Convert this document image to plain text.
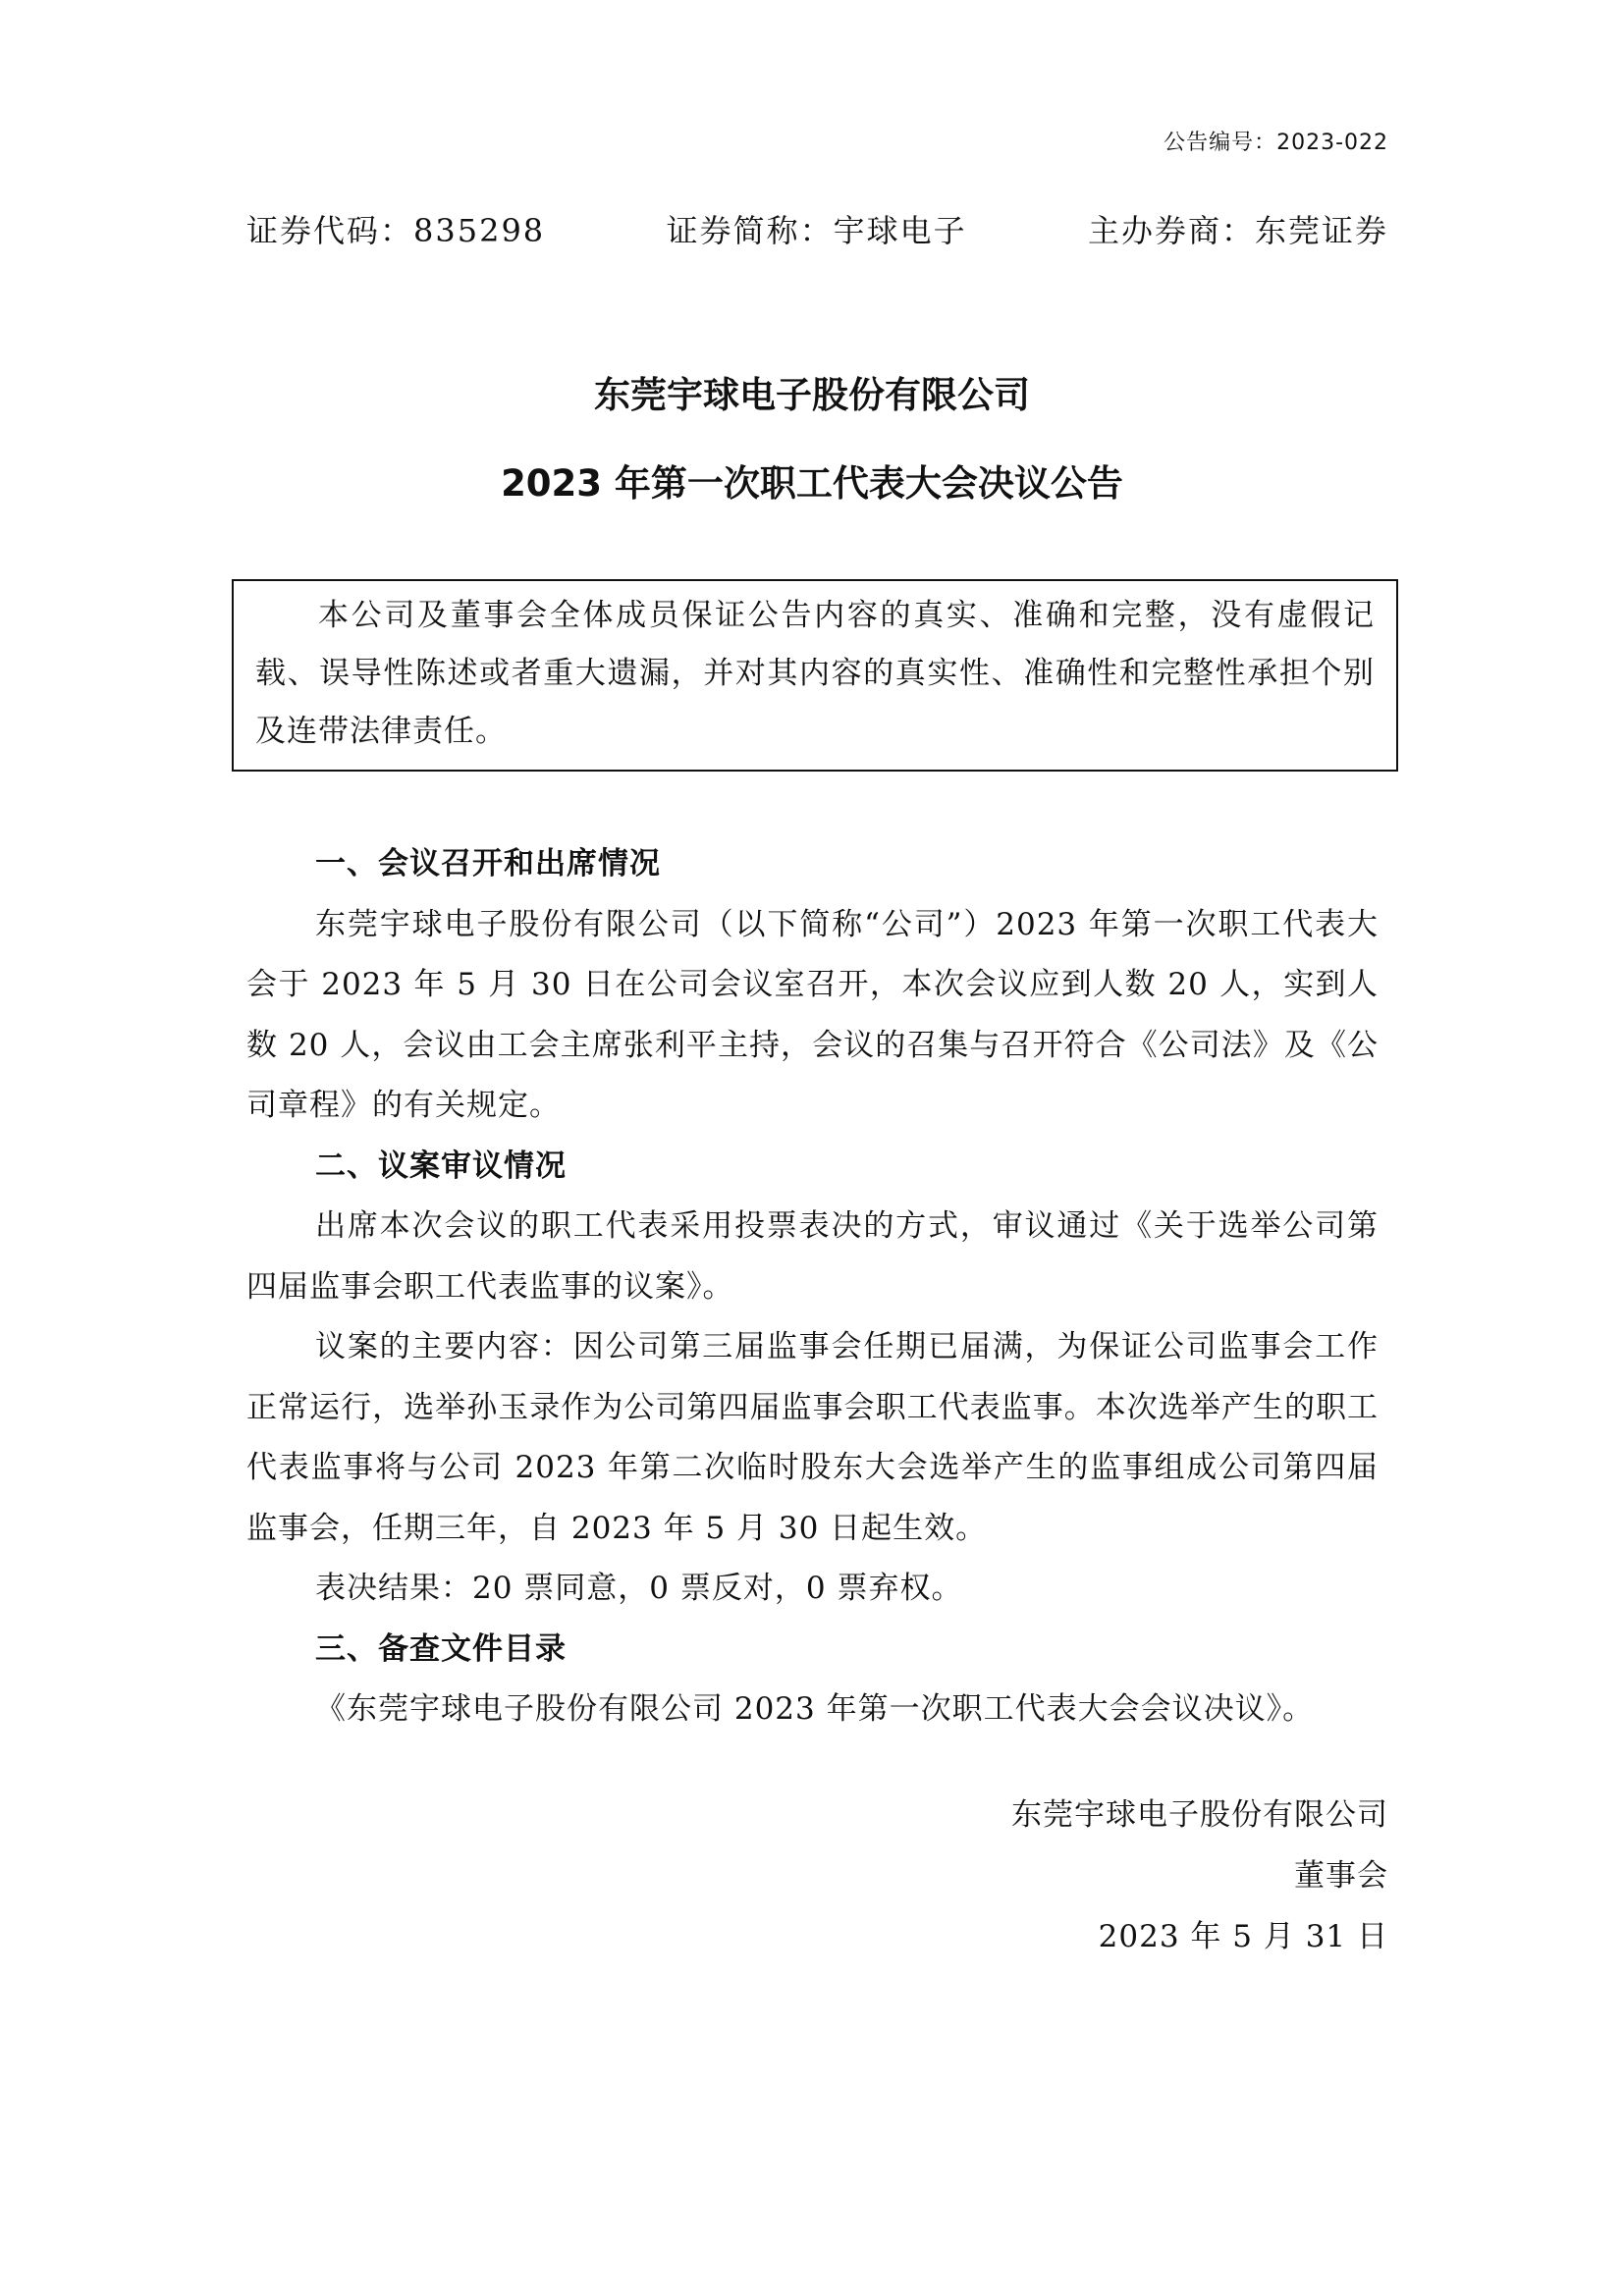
公告编号：2023-022
证券代码：835298	证券简称：宇球电子	主办券商：东莞证券
东莞宇球电子股份有限公司
2023 年第一次职工代表大会决议公告
本公司及董事会全体成员保证公告内容的真实、准确和完整，没有虚假记载、误导性陈述或者重大遗漏，并对其内容的真实性、准确性和完整性承担个别及连带法律责任。
一、会议召开和出席情况

东莞宇球电子股份有限公司（以下简称“公司”）2023 年第一次职工代表大会于 2023 年 5 月 30 日在公司会议室召开，本次会议应到人数 20 人，实到人数 20 人，会议由工会主席张利平主持，会议的召集与召开符合《公司法》及《公司章程》的有关规定。

二、议案审议情况

出席本次会议的职工代表采用投票表决的方式，审议通过《关于选举公司第四届监事会职工代表监事的议案》。

议案的主要内容：因公司第三届监事会任期已届满，为保证公司监事会工作正常运行，选举孙玉录作为公司第四届监事会职工代表监事。本次选举产生的职工代表监事将与公司 2023 年第二次临时股东大会选举产生的监事组成公司第四届监事会，任期三年，自 2023 年 5 月 30 日起生效。

表决结果：20 票同意，0 票反对，0 票弃权。

三、备查文件目录

《东莞宇球电子股份有限公司 2023 年第一次职工代表大会会议决议》。

东莞宇球电子股份有限公司
董事会
2023 年 5 月 31 日
